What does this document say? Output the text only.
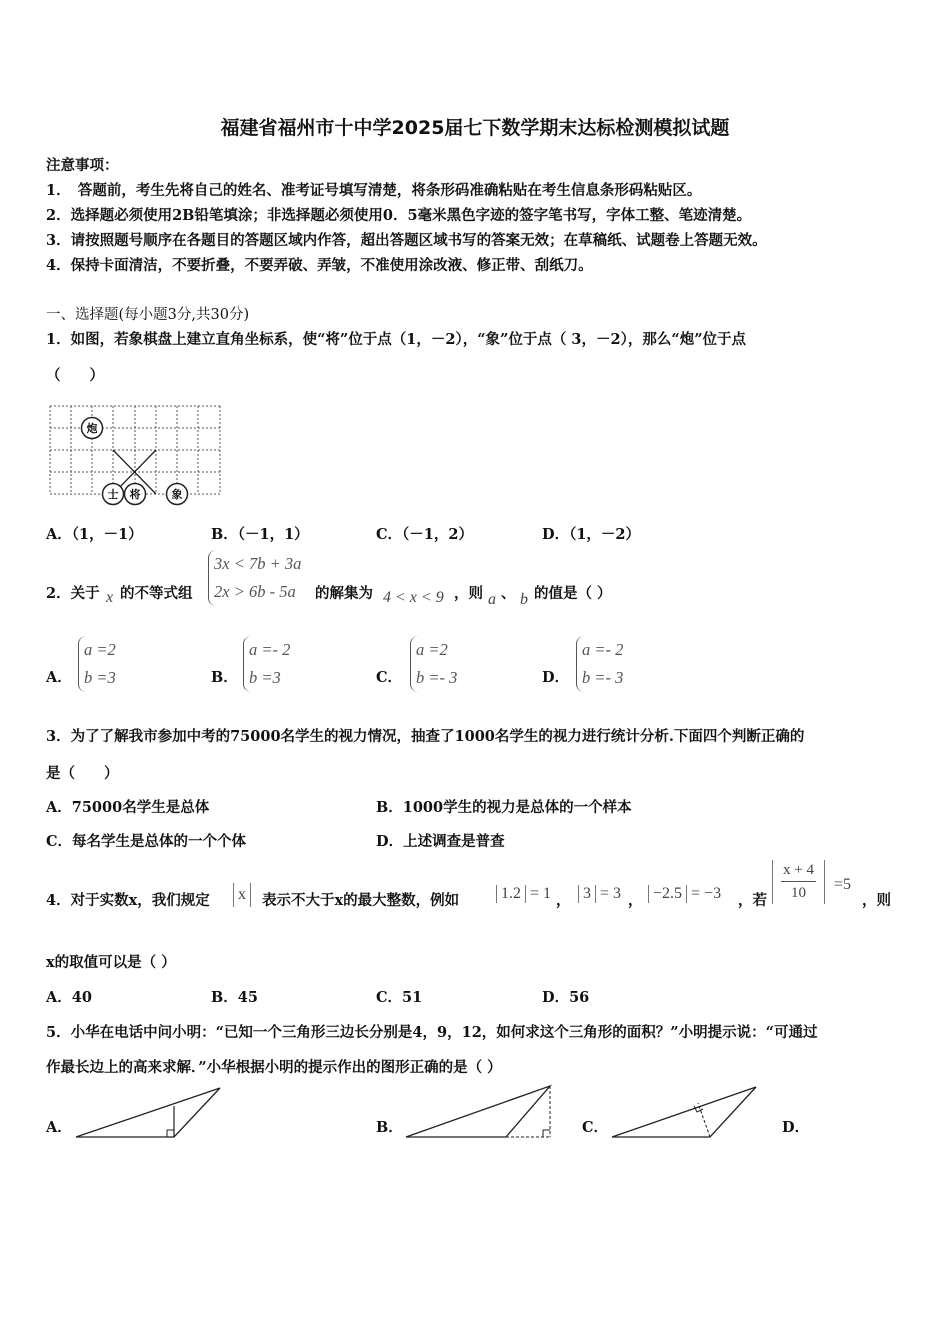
福建省福州市十中学2025届七下数学期末达标检测模拟试题
注意事项：
1．　答题前，考生先将自己的姓名、准考证号填写清楚，将条形码准确粘贴在考生信息条形码粘贴区。
2．选择题必须使用2B铅笔填涂；非选择题必须使用0．5毫米黑色字迹的签字笔书写，字体工整、笔迹清楚。
3．请按照题号顺序在各题目的答题区域内作答，超出答题区域书写的答案无效；在草稿纸、试题卷上答题无效。
4．保持卡面清洁，不要折叠，不要弄破、弄皱，不准使用涂改液、修正带、刮纸刀。
一、选择题(每小题3分,共30分)
1．如图，若象棋盘上建立直角坐标系，使“将”位于点（1，－2），“象”位于点（ 3，－2），那么“炮”位于点
（　　）
炮
士 将	象
A．（1，－1）	B．（－1，1）	C．（－1，2）	D．（1，－2）
2．关于 x 的不等式组
3x < 7b + 3a
2x > 6b - 5a	的解集为 4 < x < 9 ，则 a 、 b 的值是（ ）
A．
a =2
b =3	B．
a =- 2
b =3	C．
a =2
b =- 3	D．
a =- 2
b =- 3
3．为了了解我市参加中考的75000名学生的视力情况，抽查了1000名学生的视力进行统计分析.下面四个判断正确的
是（　　）
A．75000名学生是总体	B．1000学生的视力是总体的一个样本
C．每名学生是总体的一个个体	D．上述调查是普查
4．对于实数x，我们规定	x	表示不大于x的最大整数，例如	1.2 = 1 ， 3 = 3 ， −2.5 = −3 ，若
x + 4
10	=5
，则
x的取值可以是（ ）
A．40	B．45	C．51	D．56
5．小华在电话中问小明：“已知一个三角形三边长分别是4，9，12，如何求这个三角形的面积？”小明提示说：“可通过
作最长边上的高来求解．”小华根据小明的提示作出的图形正确的是（ ）
A．	B．	C．	D．
